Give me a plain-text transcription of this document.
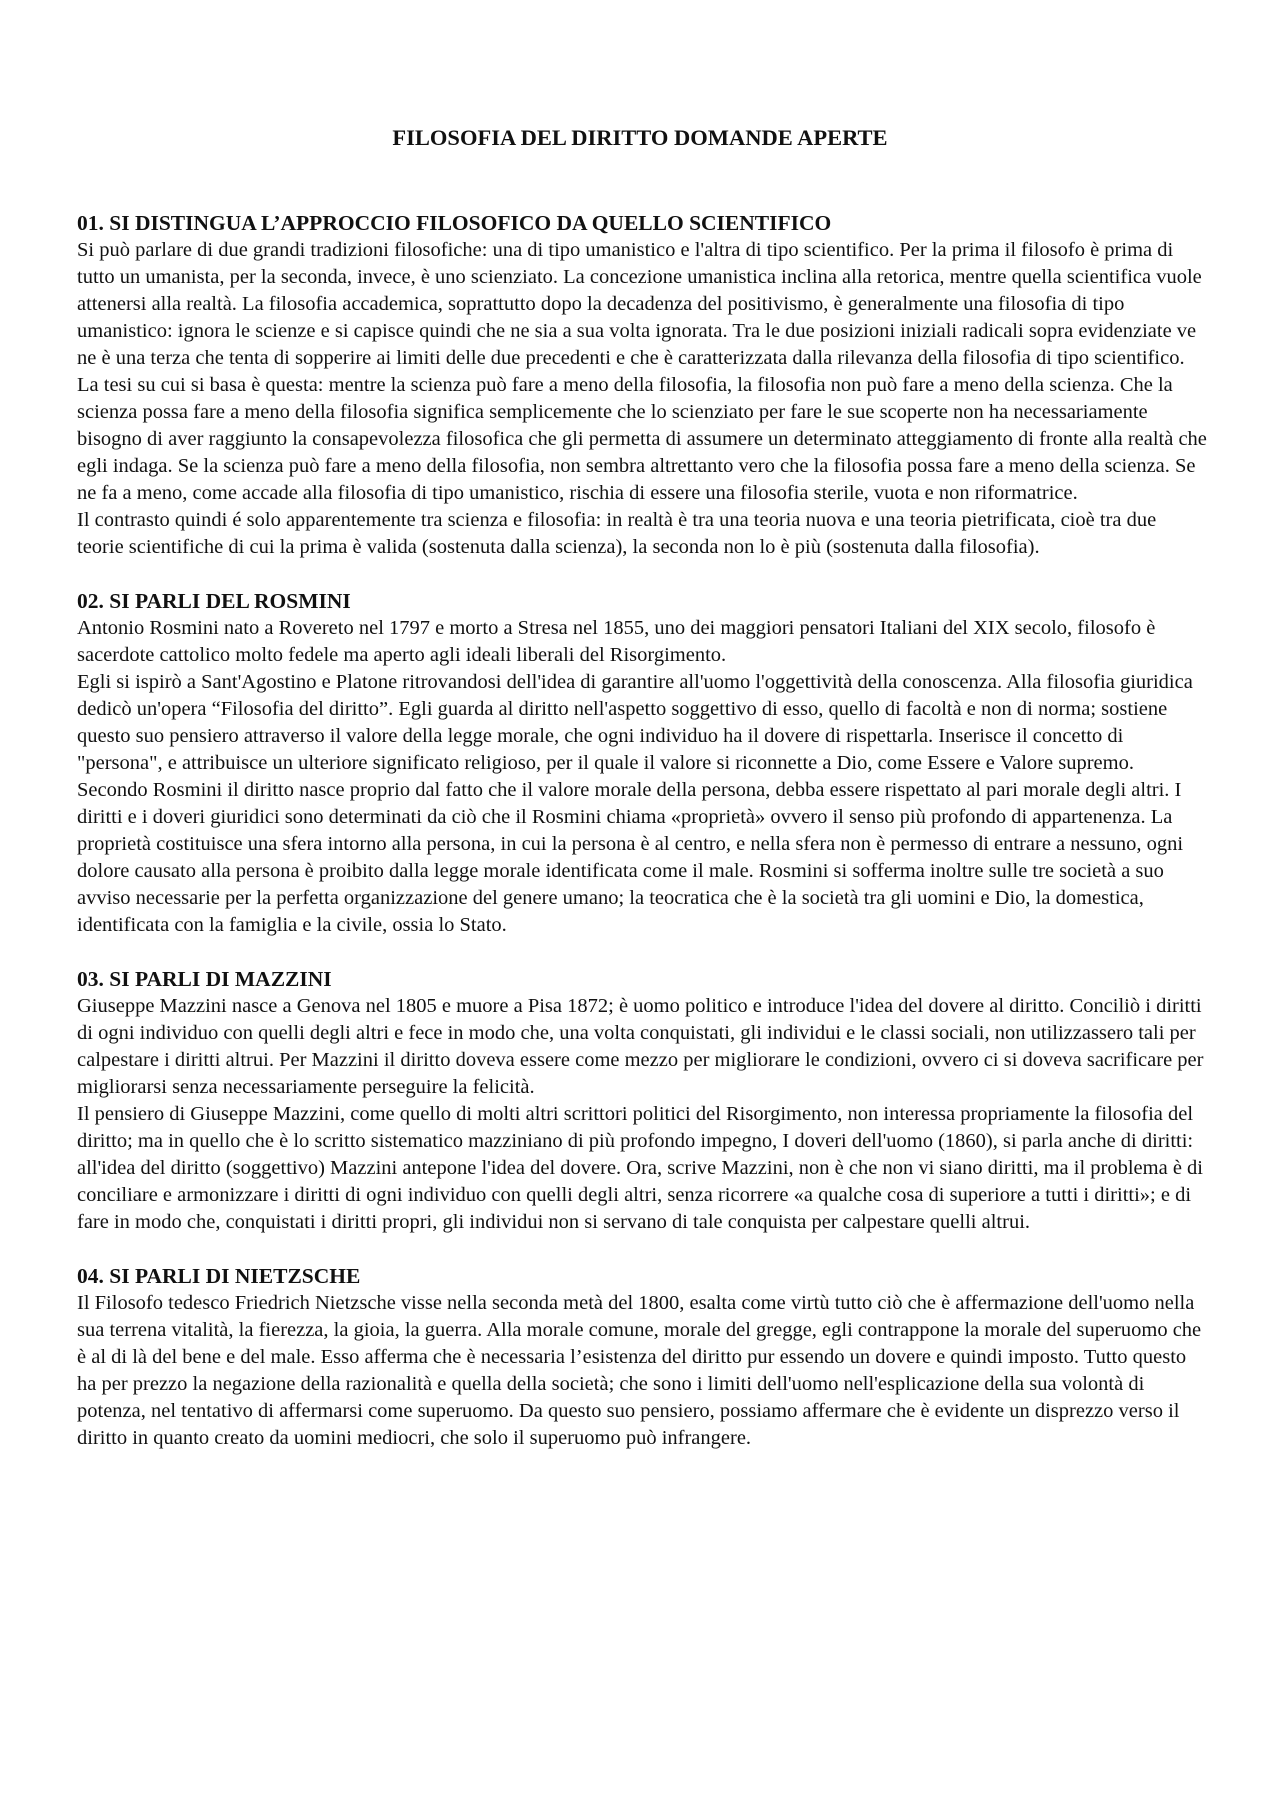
FILOSOFIA DEL DIRITTO DOMANDE APERTE
01. SI DISTINGUA L’APPROCCIO FILOSOFICO DA QUELLO SCIENTIFICO

Si può parlare di due grandi tradizioni filosofiche: una di tipo umanistico e l'altra di tipo scientifico. Per la prima il filosofo è prima di tutto un umanista, per la seconda, invece, è uno scienziato. La concezione umanistica inclina alla retorica, mentre quella scientifica vuole attenersi alla realtà. La filosofia accademica, soprattutto dopo la decadenza del positivismo, è generalmente una filosofia di tipo umanistico: ignora le scienze e si capisce quindi che ne sia a sua volta ignorata. Tra le due posizioni iniziali radicali sopra evidenziate ve ne è una terza che tenta di sopperire ai limiti delle due precedenti e che è caratterizzata dalla rilevanza della filosofia di tipo scientifico. La tesi su cui si basa è questa: mentre la scienza può fare a meno della filosofia, la filosofia non può fare a meno della scienza. Che la scienza possa fare a meno della filosofia significa semplicemente che lo scienziato per fare le sue scoperte non ha necessariamente bisogno di aver raggiunto la consapevolezza filosofica che gli permetta di assumere un determinato atteggiamento di fronte alla realtà che egli indaga. Se la scienza può fare a meno della filosofia, non sembra altrettanto vero che la filosofia possa fare a meno della scienza. Se ne fa a meno, come accade alla filosofia di tipo umanistico, rischia di essere una filosofia sterile, vuota e non riformatrice.

Il contrasto quindi é solo apparentemente tra scienza e filosofia: in realtà è tra una teoria nuova e una teoria pietrificata, cioè tra due teorie scientifiche di cui la prima è valida (sostenuta dalla scienza), la seconda non lo è più (sostenuta dalla filosofia).

02. SI PARLI DEL ROSMINI

Antonio Rosmini nato a Rovereto nel 1797 e morto a Stresa nel 1855, uno dei maggiori pensatori Italiani del XIX secolo, filosofo è sacerdote cattolico molto fedele ma aperto agli ideali liberali del Risorgimento.

Egli si ispirò a Sant'Agostino e Platone ritrovandosi dell'idea di garantire all'uomo l'oggettività della conoscenza. Alla filosofia giuridica dedicò un'opera “Filosofia del diritto”. Egli guarda al diritto nell'aspetto soggettivo di esso, quello di facoltà e non di norma; sostiene questo suo pensiero attraverso il valore della legge morale, che ogni individuo ha il dovere di rispettarla. Inserisce il concetto di "persona", e attribuisce un ulteriore significato religioso, per il quale il valore si riconnette a Dio, come Essere e Valore supremo. Secondo Rosmini il diritto nasce proprio dal fatto che il valore morale della persona, debba essere rispettato al pari morale degli altri. I diritti e i doveri giuridici sono determinati da ciò che il Rosmini chiama «proprietà» ovvero il senso più profondo di appartenenza. La proprietà costituisce una sfera intorno alla persona, in cui la persona è al centro, e nella sfera non è permesso di entrare a nessuno, ogni dolore causato alla persona è proibito dalla legge morale identificata come il male. Rosmini si sofferma inoltre sulle tre società a suo avviso necessarie per la perfetta organizzazione del genere umano; la teocratica che è la società tra gli uomini e Dio, la domestica, identificata con la famiglia e la civile, ossia lo Stato.

03. SI PARLI DI MAZZINI

Giuseppe Mazzini nasce a Genova nel 1805 e muore a Pisa 1872; è uomo politico e introduce l'idea del dovere al diritto. Conciliò i diritti di ogni individuo con quelli degli altri e fece in modo che, una volta conquistati, gli individui e le classi sociali, non utilizzassero tali per calpestare i diritti altrui. Per Mazzini il diritto doveva essere come mezzo per migliorare le condizioni, ovvero ci si doveva sacrificare per migliorarsi senza necessariamente perseguire la felicità.

Il pensiero di Giuseppe Mazzini, come quello di molti altri scrittori politici del Risorgimento, non interessa propriamente la filosofia del diritto; ma in quello che è lo scritto sistematico mazziniano di più profondo impegno, I doveri dell'uomo (1860), si parla anche di diritti: all'idea del diritto (soggettivo) Mazzini antepone l'idea del dovere. Ora, scrive Mazzini, non è che non vi siano diritti, ma il problema è di conciliare e armonizzare i diritti di ogni individuo con quelli degli altri, senza ricorrere «a qualche cosa di superiore a tutti i diritti»; e di fare in modo che, conquistati i diritti propri, gli individui non si servano di tale conquista per calpestare quelli altrui.

04. SI PARLI DI NIETZSCHE

Il Filosofo tedesco Friedrich Nietzsche visse nella seconda metà del 1800, esalta come virtù tutto ciò che è affermazione dell'uomo nella sua terrena vitalità, la fierezza, la gioia, la guerra. Alla morale comune, morale del gregge, egli contrappone la morale del superuomo che è al di là del bene e del male. Esso afferma che è necessaria l’esistenza del diritto pur essendo un dovere e quindi imposto. Tutto questo ha per prezzo la negazione della razionalità e quella della società; che sono i limiti dell'uomo nell'esplicazione della sua volontà di potenza, nel tentativo di affermarsi come superuomo. Da questo suo pensiero, possiamo affermare che è evidente un disprezzo verso il diritto in quanto creato da uomini mediocri, che solo il superuomo può infrangere.
